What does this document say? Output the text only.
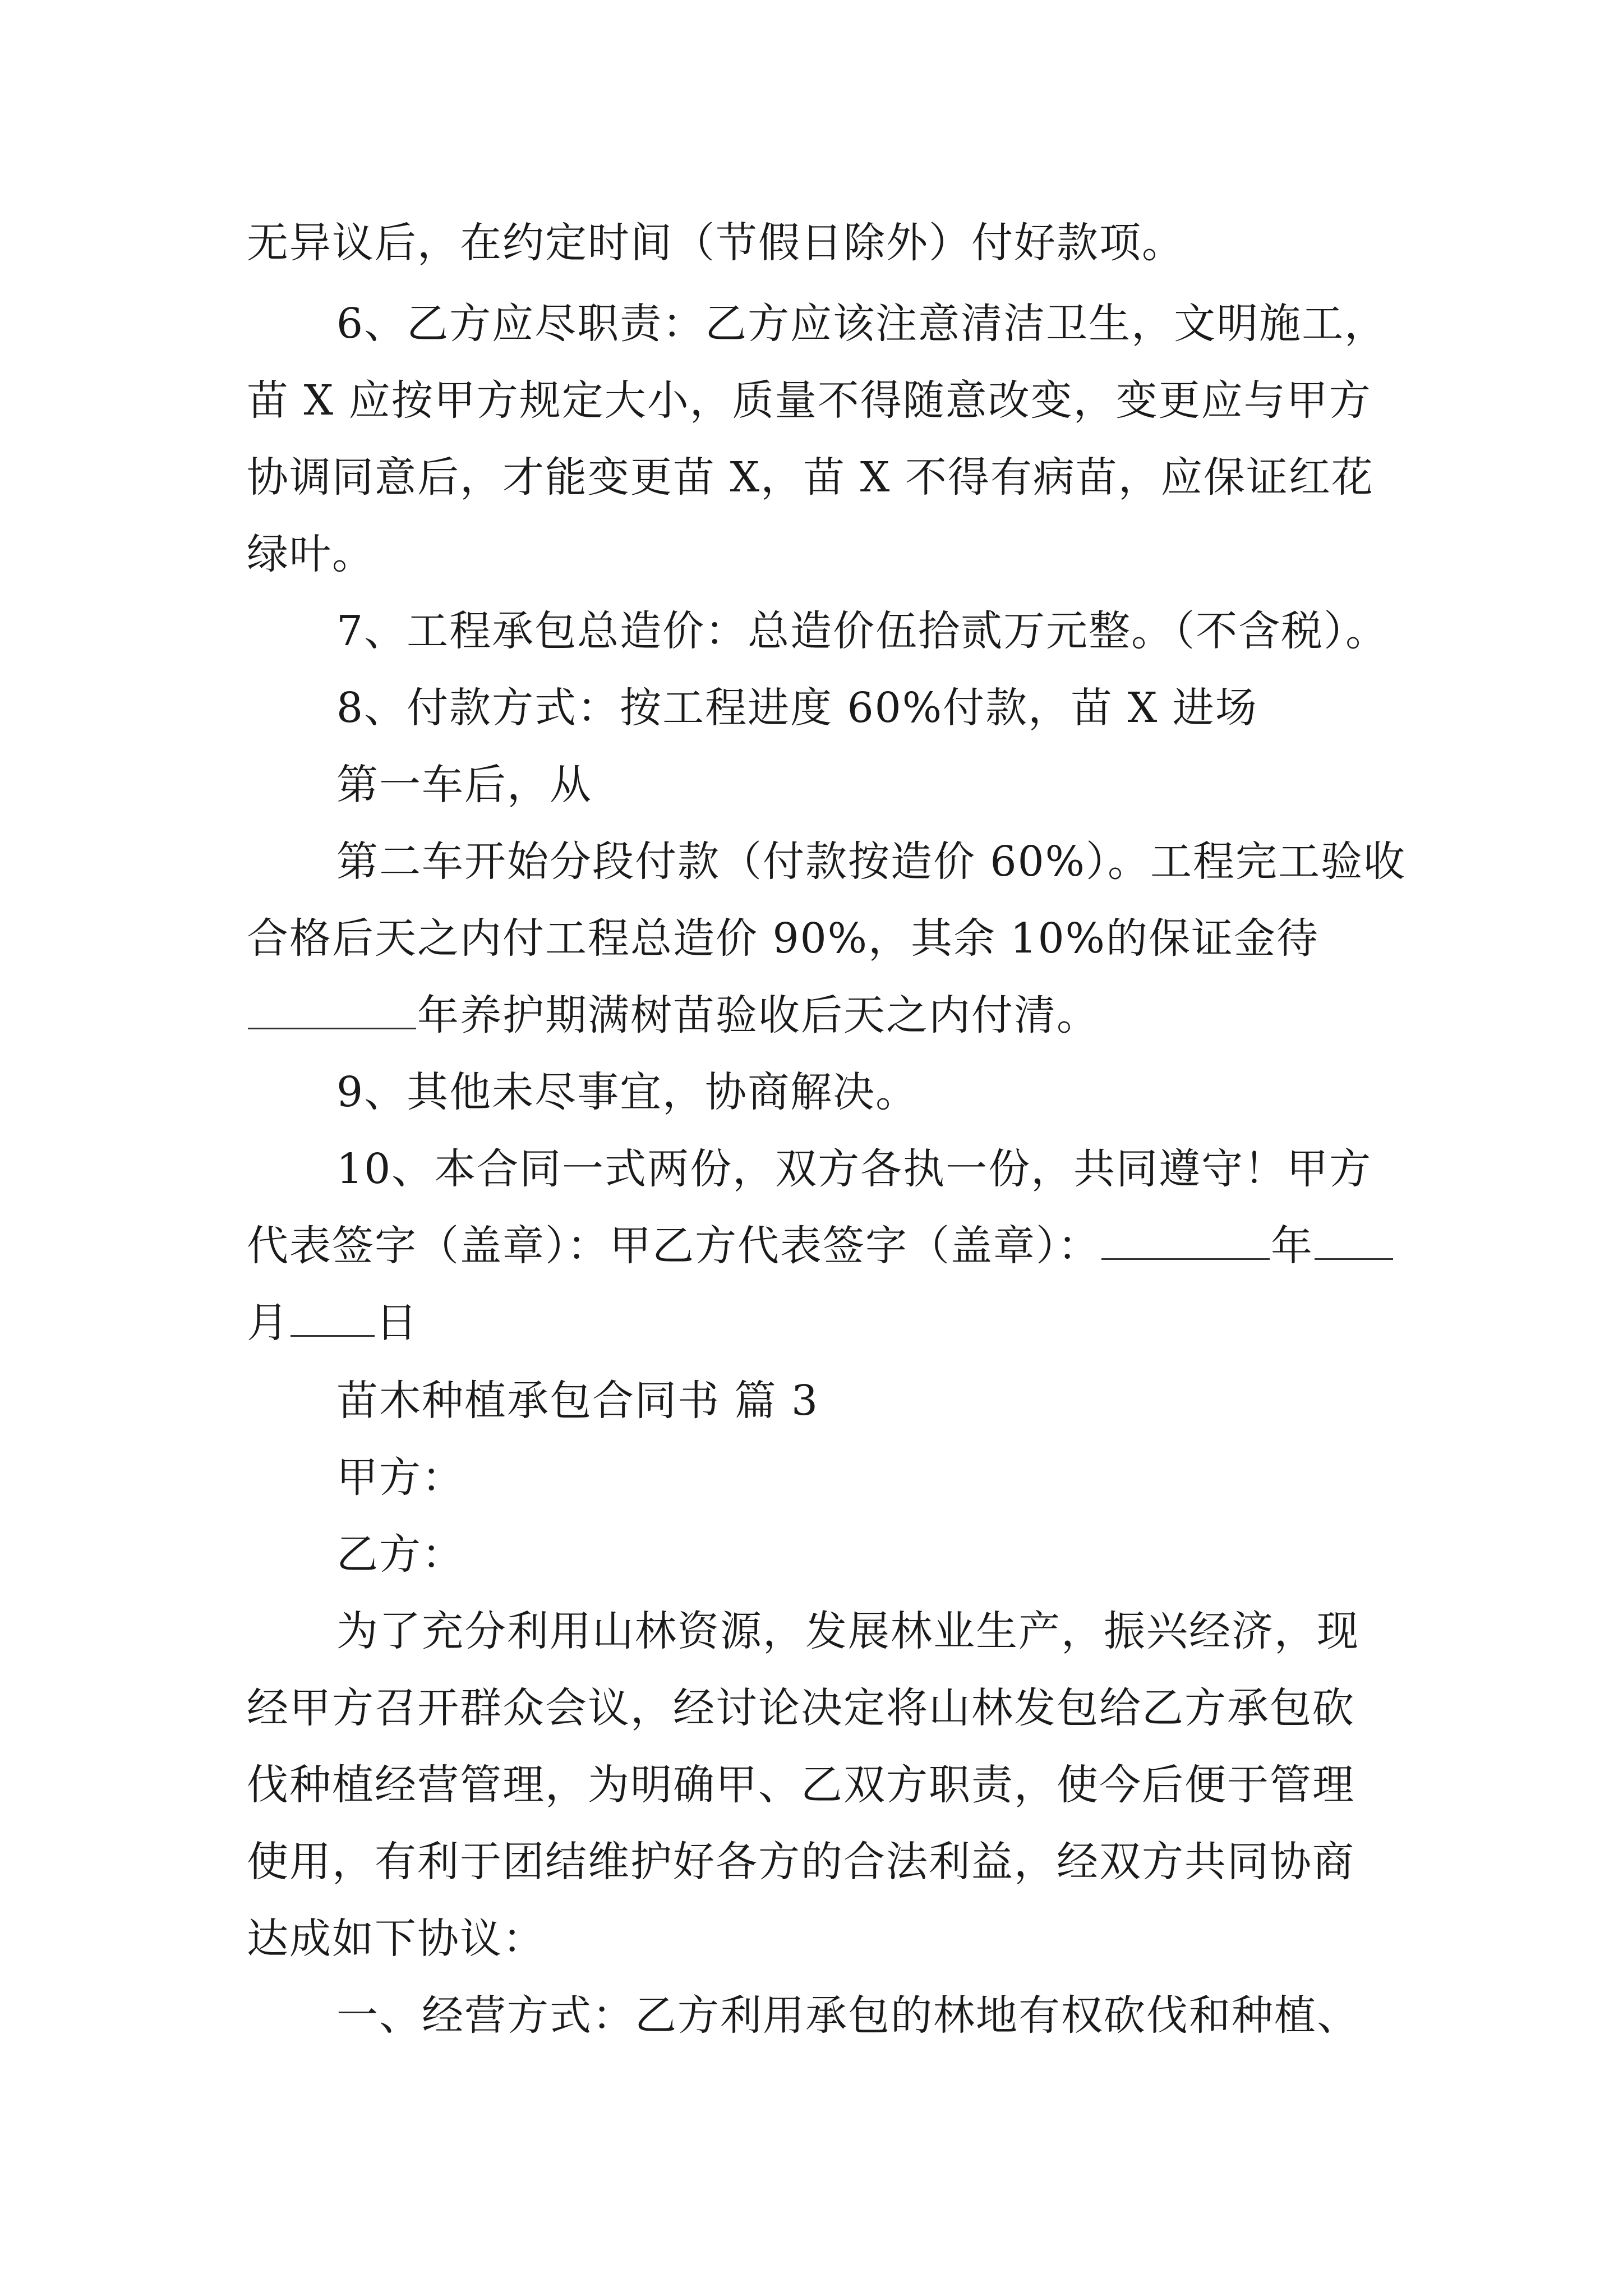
无异议后，在约定时间（节假日除外）付好款项。
6、乙方应尽职责：乙方应该注意清洁卫生，文明施工，
苗 X 应按甲方规定大小，质量不得随意改变，变更应与甲方
协调同意后，才能变更苗 X，苗 X 不得有病苗，应保证红花
绿叶。
7、工程承包总造价：总造价伍拾贰万元整。（不含税）。
8、付款方式：按工程进度 60%付款，苗 X 进场
第一车后，从
第二车开始分段付款（付款按造价 60%）。工程完工验收
合格后天之内付工程总造价 90%，其余 10%的保证金待
年养护期满树苗验收后天之内付清。
9、其他未尽事宜，协商解决。
10、本合同一式两份，双方各执一份，共同遵守！甲方
代表签字（盖章）：甲乙方代表签字（盖章）：	年
月 日
苗木种植承包合同书 篇 3
甲方：
乙方：
为了充分利用山林资源，发展林业生产，振兴经济，现
经甲方召开群众会议，经讨论决定将山林发包给乙方承包砍
伐种植经营管理，为明确甲、乙双方职责，使今后便于管理
使用，有利于团结维护好各方的合法利益，经双方共同协商
达成如下协议：
一、经营方式：乙方利用承包的林地有权砍伐和种植、
